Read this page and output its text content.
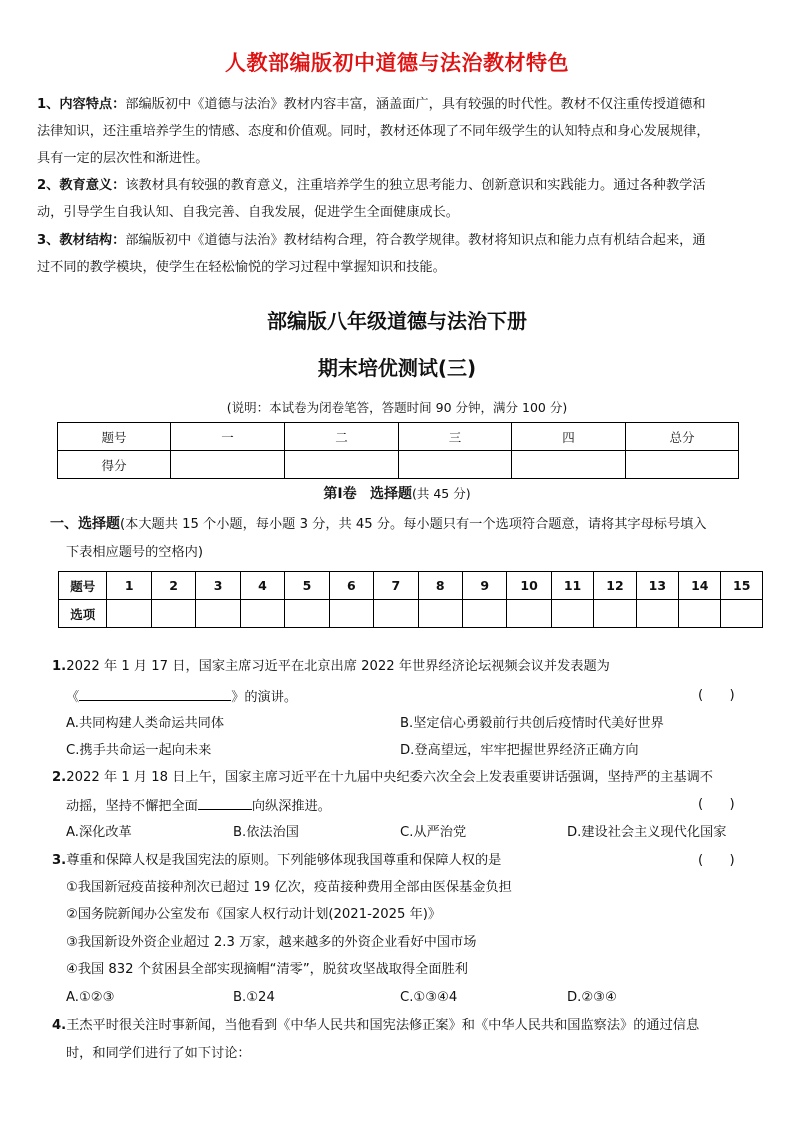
人教部编版初中道德与法治教材特色
1、内容特点：部编版初中《道德与法治》教材内容丰富，涵盖面广，具有较强的时代性。教材不仅注重传授道德和
法律知识，还注重培养学生的情感、态度和价值观。同时，教材还体现了不同年级学生的认知特点和身心发展规律，
具有一定的层次性和渐进性。
2、教育意义：该教材具有较强的教育意义，注重培养学生的独立思考能力、创新意识和实践能力。通过各种教学活
动，引导学生自我认知、自我完善、自我发展，促进学生全面健康成长。
3、教材结构：部编版初中《道德与法治》教材结构合理，符合教学规律。教材将知识点和能力点有机结合起来，通
过不同的教学模块，使学生在轻松愉悦的学习过程中掌握知识和技能。
部编版八年级道德与法治下册
期末培优测试(三)
(说明：本试卷为闭卷笔答，答题时间 90 分钟，满分 100 分)
题号	一	二	三	四	总分
得分					
第Ⅰ卷 选择题(共 45 分)
一、选择题(本大题共 15 个小题，每小题 3 分，共 45 分。每小题只有一个选项符合题意，请将其字母标号填入
下表相应题号的空格内)
题号	1	2	3	4	5	6	7	8	9	10	11	12	13	14	15
选项															
1.2022 年 1 月 17 日，国家主席习近平在北京出席 2022 年世界经济论坛视频会议并发表题为
《	》的演讲。	(　　)
A.共同构建人类命运共同体	B.坚定信心勇毅前行共创后疫情时代美好世界
C.携手共命运一起向未来	D.登高望远，牢牢把握世界经济正确方向
2.2022 年 1 月 18 日上午，国家主席习近平在十九届中央纪委六次全会上发表重要讲话强调，坚持严的主基调不
动摇，坚持不懈把全面	向纵深推进。	(　　)
A.深化改革	B.依法治国	C.从严治党	D.建设社会主义现代化国家
3.尊重和保障人权是我国宪法的原则。下列能够体现我国尊重和保障人权的是	(　　)
①我国新冠疫苗接种剂次已超过 19 亿次，疫苗接种费用全部由医保基金负担
②国务院新闻办公室发布《国家人权行动计划(2021-2025 年)》
③我国新设外资企业超过 2.3 万家，越来越多的外资企业看好中国市场
④我国 832 个贫困县全部实现摘帽“清零”，脱贫攻坚战取得全面胜利
A.①②③	B.①24	C.①③④4	D.②③④
4.王杰平时很关注时事新闻，当他看到《中华人民共和国宪法修正案》和《中华人民共和国监察法》的通过信息
时，和同学们进行了如下讨论：
